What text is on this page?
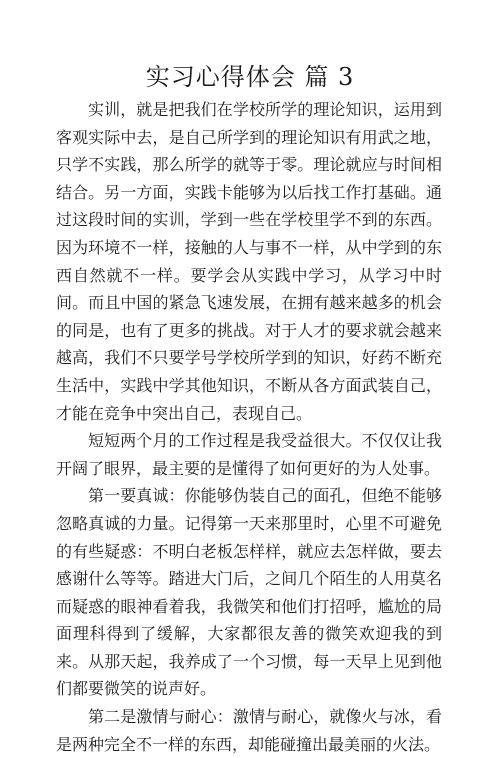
实习心得体会 篇 3

实训，就是把我们在学校所学的理论知识，运用到客观实际中去，是自己所学到的理论知识有用武之地，只学不实践，那么所学的就等于零。理论就应与时间相结合。另一方面，实践卡能够为以后找工作打基础。通过这段时间的实训，学到一些在学校里学不到的东西。因为环境不一样，接触的人与事不一样，从中学到的东西自然就不一样。要学会从实践中学习，从学习中时间。而且中国的紧急飞速发展，在拥有越来越多的机会的同是，也有了更多的挑战。对于人才的要求就会越来越高，我们不只要学号学校所学到的知识，好药不断充生活中，实践中学其他知识，不断从各方面武装自己，才能在竞争中突出自己，表现自己。

短短两个月的工作过程是我受益很大。不仅仅让我开阔了眼界，最主要的是懂得了如何更好的为人处事。

第一要真诚：你能够伪装自己的面孔，但绝不能够忽略真诚的力量。记得第一天来那里时，心里不可避免的有些疑惑：不明白老板怎样样，就应去怎样做，要去感谢什么等等。踏进大门后，之间几个陌生的人用莫名而疑惑的眼神看着我，我微笑和他们打招呼，尴尬的局面理科得到了缓解，大家都很友善的微笑欢迎我的到来。从那天起，我养成了一个习惯，每一天早上见到他们都要微笑的说声好。

第二是激情与耐心：激情与耐心，就像火与冰，看是两种完全不一样的东西，却能碰撞出最美丽的火法。
